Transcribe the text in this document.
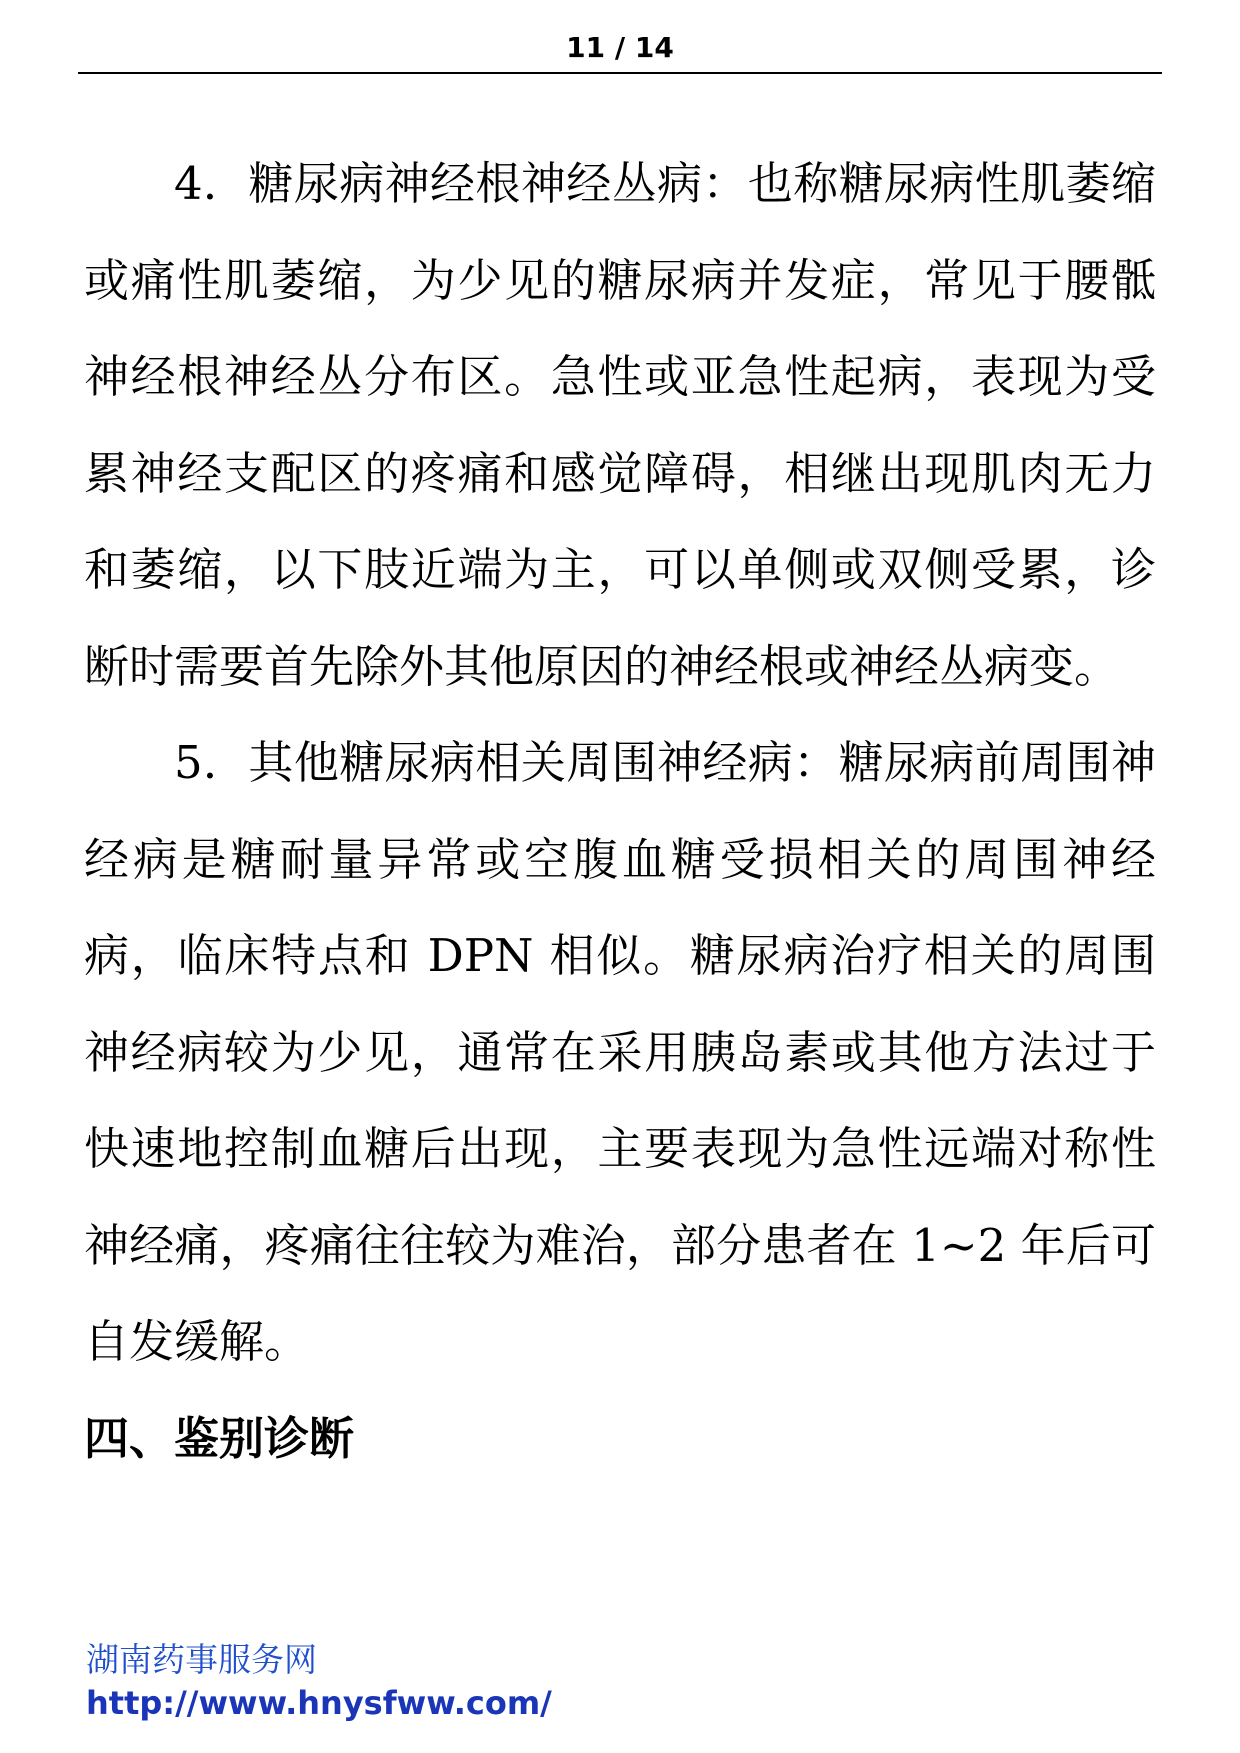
11 / 14

4．糖尿病神经根神经丛病：也称糖尿病性肌萎缩或痛性肌萎缩，为少见的糖尿病并发症，常见于腰骶神经根神经丛分布区。急性或亚急性起病，表现为受累神经支配区的疼痛和感觉障碍，相继出现肌肉无力和萎缩，以下肢近端为主，可以单侧或双侧受累，诊断时需要首先除外其他原因的神经根或神经丛病变。

5．其他糖尿病相关周围神经病：糖尿病前周围神经病是糖耐量异常或空腹血糖受损相关的周围神经病，临床特点和 DPN 相似。糖尿病治疗相关的周围神经病较为少见，通常在采用胰岛素或其他方法过于快速地控制血糖后出现，主要表现为急性远端对称性神经痛，疼痛往往较为难治，部分患者在 1~2 年后可自发缓解。

四、鉴别诊断
湖南药事服务网
http://www.hnysfww.com/
